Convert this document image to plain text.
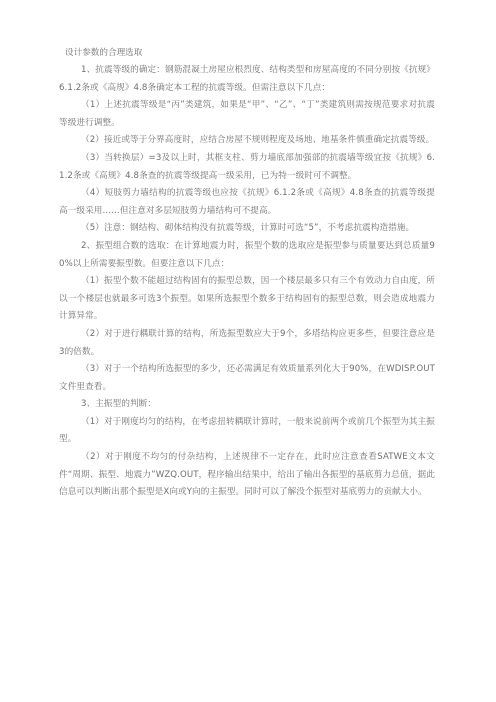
设计参数的合理选取

1、抗震等级的确定：钢筋混凝土房屋应根烈度、结构类型和房屋高度的不同分别按《抗规》6.1.2条或《高规》4.8条确定本工程的抗震等级。但需注意以下几点：

（1）上述抗震等级是“丙”类建筑，如果是“甲”、“乙”、“丁”类建筑则需按规范要求对抗震等级进行调整。

（2）接近或等于分界高度时，应结合房屋不规则程度及场地、地基条件慎重确定抗震等级。

（3）当转换层）=3及以上时，其框支柱、剪力墙底部加强部的抗震墙等级宜按《抗规》6.1.2条或《高规》4.8条查的抗震等级提高一级采用，已为特一级时可不调整。

（4）短肢剪力墙结构的抗震等级也应按《抗规》6.1.2条或《高规》4.8条查的抗震等级提高一级采用……但注意对多层短肢剪力墙结构可不提高。

（5）注意：钢结构、砌体结构没有抗震等级，计算时可选“5”，不考虑抗震构造措施。

2、振型组合数的选取：在计算地震力时，振型个数的选取应是振型参与质量要达到总质量90%以上所需要振型数。但要注意以下几点：

（1）振型个数不能超过结构固有的振型总数，因一个楼层最多只有三个有效动力自由度，所以一个楼层也就最多可选3个振型。如果所选振型个数多于结构固有的振型总数，则会造成地震力计算异常。

（2）对于进行耦联计算的结构，所选振型数应大于9个，多塔结构应更多些，但要注意应是3的倍数。

（3）对于一个结构所选振型的多少，还必需满足有效质量系列化大于90%，在WDISP.OUT文件里查看。

3、主振型的判断：

（1）对于刚度均匀的结构，在考虑扭转耦联计算时，一般来说前两个或前几个振型为其主振型。

（2）对于刚度不均匀的付杂结构，上述规律不一定存在，此时应注意查看SATWE文本文件“周期、振型、地震力”WZQ.OUT，程序输出结果中，给出了输出各振型的基底剪力总值，据此信息可以判断出那个振型是X向或Y向的主振型。同时可以了解没个振型对基底剪力的贡献大小。
